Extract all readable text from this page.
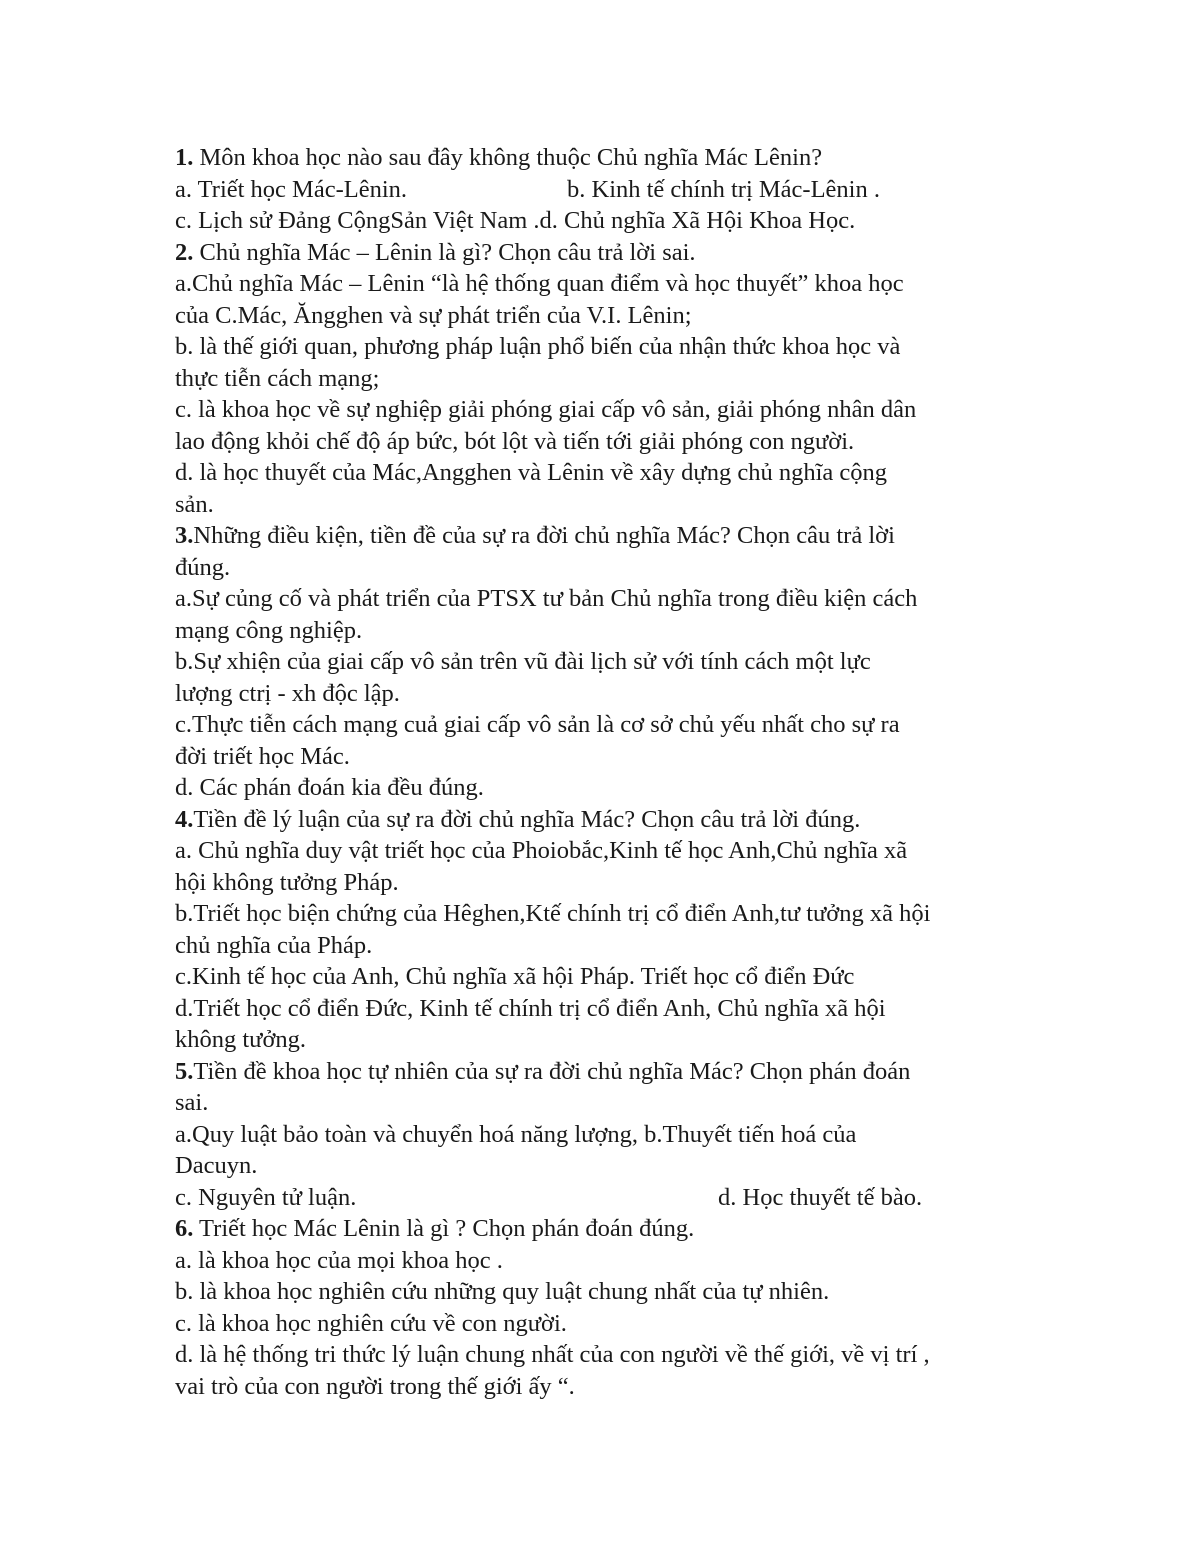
1. Môn khoa học nào sau đây không thuộc Chủ nghĩa Mác Lênin?
a. Triết học Mác-Lênin.	b. Kinh tế chính trị Mác-Lênin .
c. Lịch sử Đảng CộngSản Việt Nam .d. Chủ nghĩa Xã Hội Khoa Học.
2. Chủ nghĩa Mác – Lênin là gì? Chọn câu trả lời sai.
a.Chủ nghĩa Mác – Lênin “là hệ thống quan điểm và học thuyết” khoa học
của C.Mác, Ăngghen và sự phát triển của V.I. Lênin;
b. là thế giới quan, phương pháp luận phổ biến của nhận thức khoa học và
thực tiễn cách mạng;
c. là khoa học về sự nghiệp giải phóng giai cấp vô sản, giải phóng nhân dân
lao động khỏi chế độ áp bức, bót lột và tiến tới giải phóng con người.
d. là học thuyết của Mác,Angghen và Lênin về xây dựng chủ nghĩa cộng
sản.
3.Những điều kiện, tiền đề của sự ra đời chủ nghĩa Mác? Chọn câu trả lời
đúng.
a.Sự củng cố và phát triển của PTSX tư bản Chủ nghĩa trong điều kiện cách
mạng công nghiệp.
b.Sự xhiện của giai cấp vô sản trên vũ đài lịch sử với tính cách một lực
lượng ctrị - xh độc lập.
c.Thực tiễn cách mạng cuả giai cấp vô sản là cơ sở chủ yếu nhất cho sự ra
đời triết học Mác.
d. Các phán đoán kia đều đúng.
4.Tiền đề lý luận của sự ra đời chủ nghĩa Mác? Chọn câu trả lời đúng.
a. Chủ nghĩa duy vật triết học của Phoiobắc,Kinh tế học Anh,Chủ nghĩa xã
hội không tưởng Pháp.
b.Triết học biện chứng của Hêghen,Ktế chính trị cổ điển Anh,tư tưởng xã hội
chủ nghĩa của Pháp.
c.Kinh tế học của Anh, Chủ nghĩa xã hội Pháp. Triết học cổ điển Đức
d.Triết học cổ điển Đức, Kinh tế chính trị cổ điển Anh, Chủ nghĩa xã hội
không tưởng.
5.Tiền đề khoa học tự nhiên của sự ra đời chủ nghĩa Mác? Chọn phán đoán
sai.
a.Quy luật bảo toàn và chuyển hoá năng lượng, b.Thuyết tiến hoá của
Dacuyn.
c. Nguyên tử luận.	d. Học thuyết tế bào.
6. Triết học Mác Lênin là gì ? Chọn phán đoán đúng.
a. là khoa học của mọi khoa học .
b. là khoa học nghiên cứu những quy luật chung nhất của tự nhiên.
c. là khoa học nghiên cứu về con người.
d. là hệ thống tri thức lý luận chung nhất của con người về thế giới, về vị trí ,
vai trò của con người trong thế giới ấy “.
